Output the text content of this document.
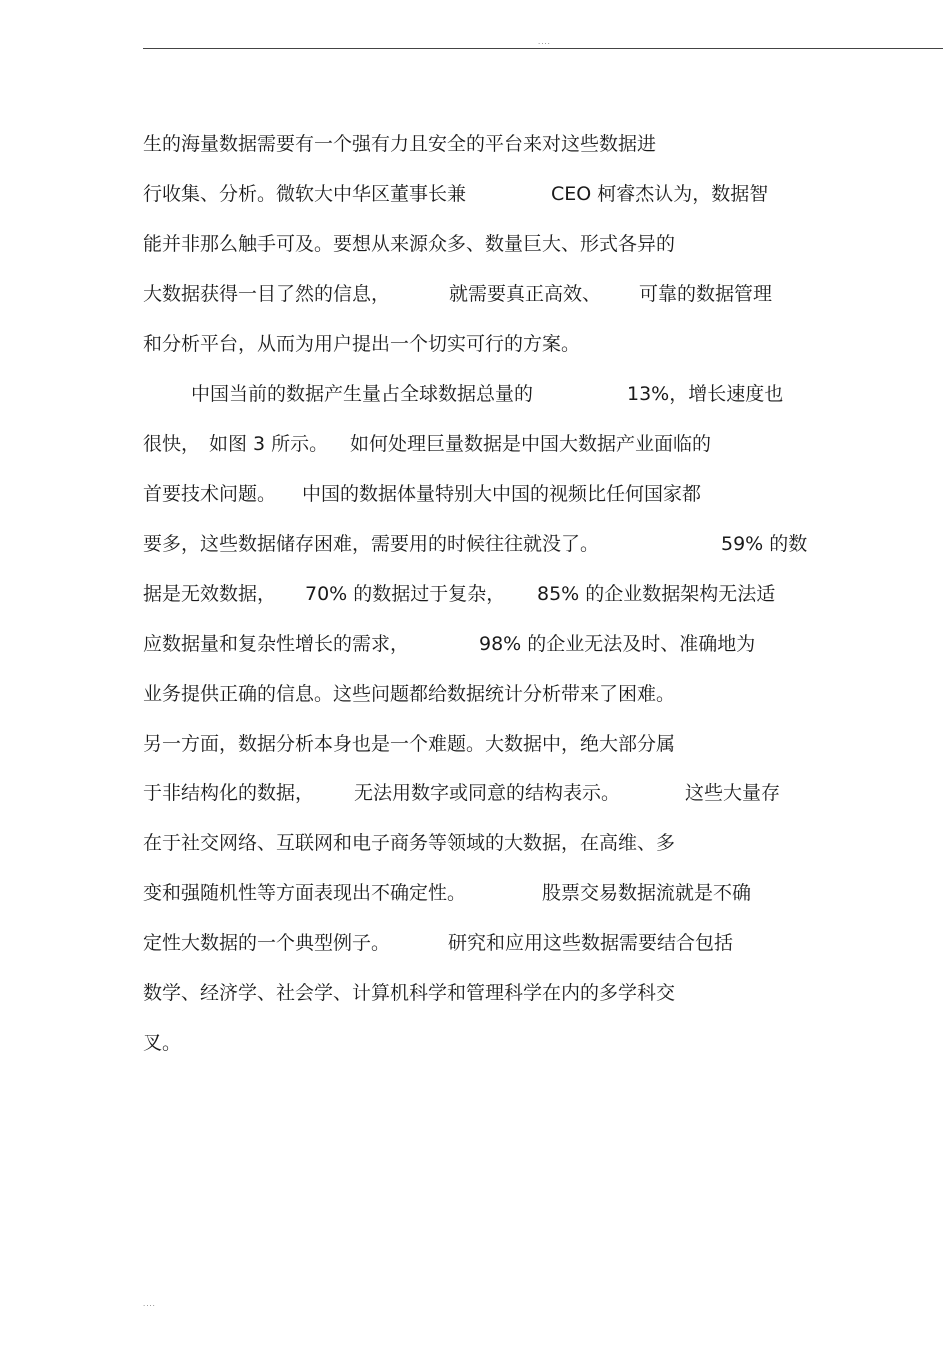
....
生的海量数据需要有一个强有力且安全的平台来对这些数据进
行收集、分析。微软大中华区董事长兼	CEO 柯睿杰认为，数据智
能并非那么触手可及。要想从来源众多、数量巨大、形式各异的
大数据获得一目了然的信息，	就需要真正高效、 可靠的数据管理
和分析平台，从而为用户提出一个切实可行的方案。
中国当前的数据产生量占全球数据总量的	13%，增长速度也
很快， 如图 3 所示。 如何处理巨量数据是中国大数据产业面临的
首要技术问题。 中国的数据体量特别大中国的视频比任何国家都
要多，这些数据储存困难，需要用的时候往往就没了。	59% 的数
据是无效数据， 70% 的数据过于复杂， 85% 的企业数据架构无法适
应数据量和复杂性增长的需求，	98% 的企业无法及时、准确地为
业务提供正确的信息。这些问题都给数据统计分析带来了困难。
另一方面，数据分析本身也是一个难题。大数据中，绝大部分属
于非结构化的数据， 无法用数字或同意的结构表示。	这些大量存
在于社交网络、互联网和电子商务等领域的大数据，在高维、多
变和强随机性等方面表现出不确定性。	股票交易数据流就是不确
定性大数据的一个典型例子。	研究和应用这些数据需要结合包括
数学、经济学、社会学、计算机科学和管理科学在内的多学科交
叉。
....
